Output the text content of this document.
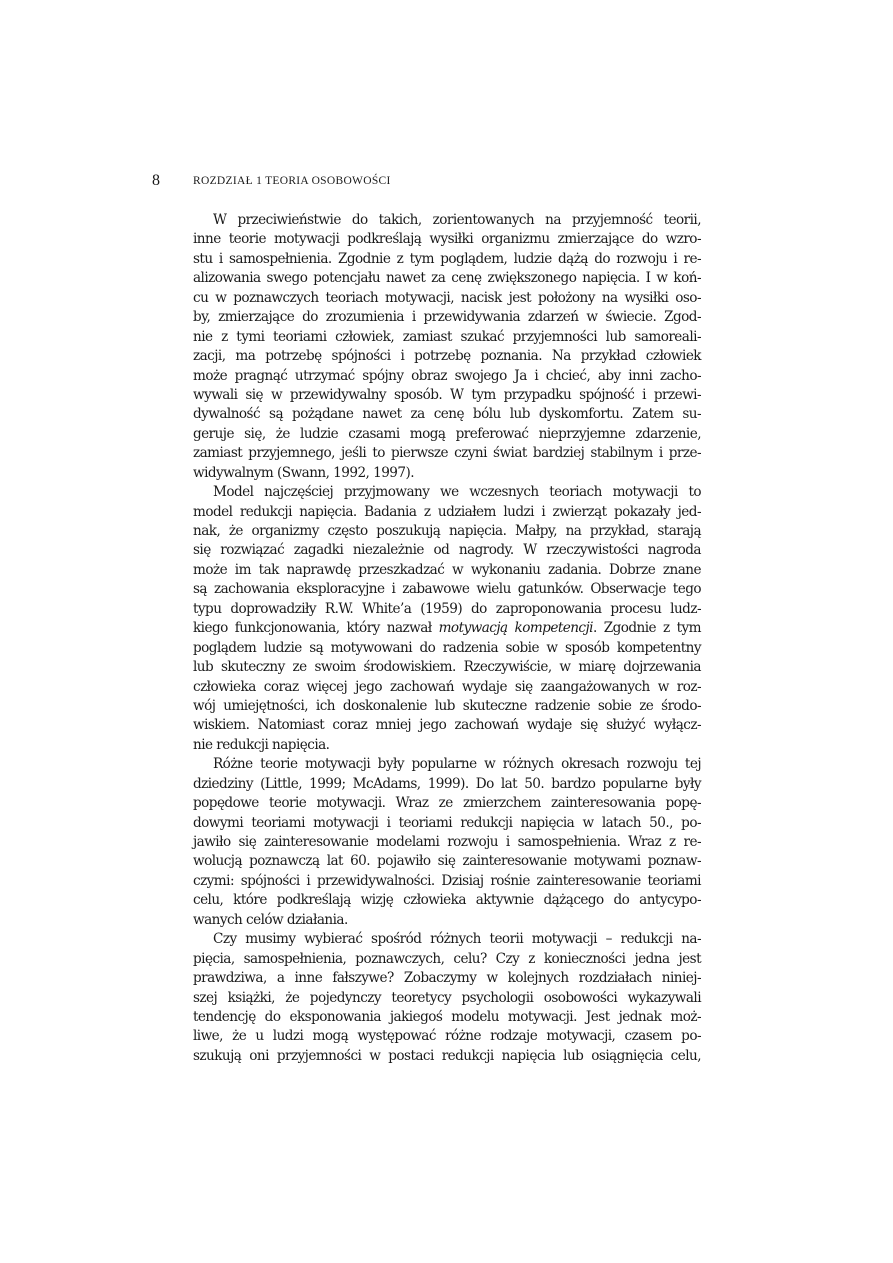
8	ROZDZIAŁ 1 TEORIA OSOBOWOŚCI
W przeciwieństwie do takich, zorientowanych na przyjemność teorii,
inne teorie motywacji podkreślają wysiłki organizmu zmierzające do wzro-
stu i samospełnienia. Zgodnie z tym poglądem, ludzie dążą do rozwoju i re-
alizowania swego potencjału nawet za cenę zwiększonego napięcia. I w koń-
cu w poznawczych teoriach motywacji, nacisk jest położony na wysiłki oso-
by, zmierzające do zrozumienia i przewidywania zdarzeń w świecie. Zgod-
nie z tymi teoriami człowiek, zamiast szukać przyjemności lub samoreali-
zacji, ma potrzebę spójności i potrzebę poznania. Na przykład człowiek
może pragnąć utrzymać spójny obraz swojego Ja i chcieć, aby inni zacho-
wywali się w przewidywalny sposób. W tym przypadku spójność i przewi-
dywalność są pożądane nawet za cenę bólu lub dyskomfortu. Zatem su-
geruje się, że ludzie czasami mogą preferować nieprzyjemne zdarzenie,
zamiast przyjemnego, jeśli to pierwsze czyni świat bardziej stabilnym i prze-
widywalnym (Swann, 1992, 1997).
Model najczęściej przyjmowany we wczesnych teoriach motywacji to
model redukcji napięcia. Badania z udziałem ludzi i zwierząt pokazały jed-
nak, że organizmy często poszukują napięcia. Małpy, na przykład, starają
się rozwiązać zagadki niezależnie od nagrody. W rzeczywistości nagroda
może im tak naprawdę przeszkadzać w wykonaniu zadania. Dobrze znane
są zachowania eksploracyjne i zabawowe wielu gatunków. Obserwacje tego
typu doprowadziły R.W. White’a (1959) do zaproponowania procesu ludz-
kiego funkcjonowania, który nazwał motywacją kompetencji. Zgodnie z tym
poglądem ludzie są motywowani do radzenia sobie w sposób kompetentny
lub skuteczny ze swoim środowiskiem. Rzeczywiście, w miarę dojrzewania
człowieka coraz więcej jego zachowań wydaje się zaangażowanych w roz-
wój umiejętności, ich doskonalenie lub skuteczne radzenie sobie ze środo-
wiskiem. Natomiast coraz mniej jego zachowań wydaje się służyć wyłącz-
nie redukcji napięcia.
Różne teorie motywacji były popularne w różnych okresach rozwoju tej
dziedziny (Little, 1999; McAdams, 1999). Do lat 50. bardzo popularne były
popędowe teorie motywacji. Wraz ze zmierzchem zainteresowania popę-
dowymi teoriami motywacji i teoriami redukcji napięcia w latach 50., po-
jawiło się zainteresowanie modelami rozwoju i samospełnienia. Wraz z re-
wolucją poznawczą lat 60. pojawiło się zainteresowanie motywami poznaw-
czymi: spójności i przewidywalności. Dzisiaj rośnie zainteresowanie teoriami
celu, które podkreślają wizję człowieka aktywnie dążącego do antycypo-
wanych celów działania.
Czy musimy wybierać spośród różnych teorii motywacji – redukcji na-
pięcia, samospełnienia, poznawczych, celu? Czy z konieczności jedna jest
prawdziwa, a inne fałszywe? Zobaczymy w kolejnych rozdziałach niniej-
szej książki, że pojedynczy teoretycy psychologii osobowości wykazywali
tendencję do eksponowania jakiegoś modelu motywacji. Jest jednak moż-
liwe, że u ludzi mogą występować różne rodzaje motywacji, czasem po-
szukują oni przyjemności w postaci redukcji napięcia lub osiągnięcia celu,
